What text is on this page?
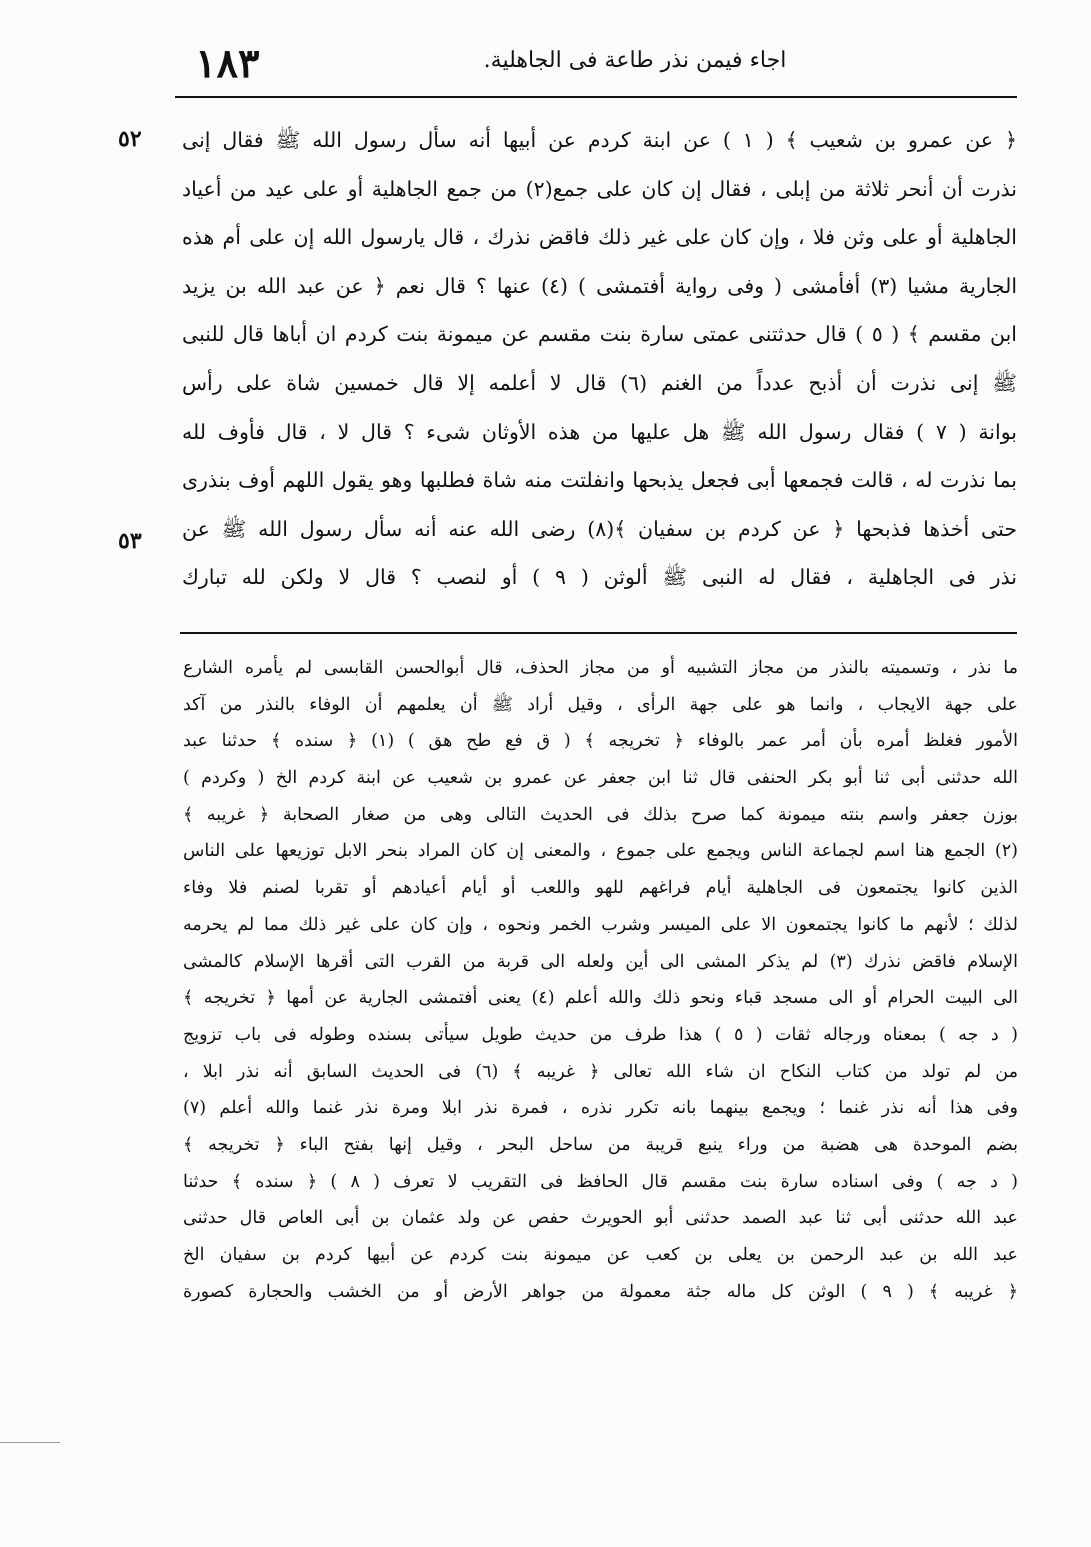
١٨٣	.اجاء فيمن نذر طاعة فى الجاهلية
٥٢
٥٣
﴿ عن عمرو بن شعيب ﴾ ( ١ ) عن ابنة كردم عن أبيها أنه سأل رسول الله ﷺ فقال إنى
نذرت أن أنحر ثلاثة من إبلى ، فقال إن كان على جمع(٢) من جمع الجاهلية أو على عيد من أعياد
الجاهلية أو على وثن فلا ، وإن كان على غير ذلك فاقض نذرك ، قال يارسول الله إن على أم هذه
الجارية مشيا (٣) أفأمشى ( وفى رواية أفتمشى ) (٤) عنها ؟ قال نعم ﴿ عن عبد الله بن يزيد
ابن مقسم ﴾ ( ٥ ) قال حدثتنى عمتى سارة بنت مقسم عن ميمونة بنت كردم ان أباها قال للنبى
ﷺ إنى نذرت أن أذبح عدداً من الغنم (٦) قال لا أعلمه إلا قال خمسين شاة على رأس
بوانة ( ٧ ) فقال رسول الله ﷺ هل عليها من هذه الأوثان شىء ؟ قال لا ، قال فأوف لله
بما نذرت له ، قالت فجمعها أبى فجعل يذبحها وانفلتت منه شاة فطلبها وهو يقول اللهم أوف بنذرى
حتى أخذها فذبحها ﴿ عن كردم بن سفيان ﴾(٨) رضى الله عنه أنه سأل رسول الله ﷺ عن
نذر فى الجاهلية ، فقال له النبى ﷺ ألوثن ( ٩ ) أو لنصب ؟ قال لا ولكن لله تبارك
ما نذر ، وتسميته بالنذر من مجاز التشبيه أو من مجاز الحذف، قال أبوالحسن القابسى لم يأمره الشارع
على جهة الايجاب ، وانما هو على جهة الرأى ، وقيل أراد ﷺ أن يعلمهم أن الوفاء بالنذر من آكد
الأمور فغلظ أمره بأن أمر عمر بالوفاء ﴿ تخريجه ﴾ ( ق فع طح هق ) (١) ﴿ سنده ﴾ حدثنا عبد
الله حدثنى أبى ثنا أبو بكر الحنفى قال ثنا ابن جعفر عن عمرو بن شعيب عن ابنة كردم الخ ( وكردم )
بوزن جعفر واسم بنته ميمونة كما صرح بذلك فى الحديث التالى وهى من صغار الصحابة ﴿ غريبه ﴾
(٢) الجمع هنا اسم لجماعة الناس ويجمع على جموع ، والمعنى إن كان المراد بنحر الابل توزيعها على الناس
الذين كانوا يجتمعون فى الجاهلية أيام فراغهم للهو واللعب أو أيام أعيادهم أو تقربا لصنم فلا وفاء
لذلك ؛ لأنهم ما كانوا يجتمعون الا على الميسر وشرب الخمر ونحوه ، وإن كان على غير ذلك مما لم يحرمه
الإسلام فاقض نذرك (٣) لم يذكر المشى الى أين ولعله الى قربة من القرب التى أقرها الإسلام كالمشى
الى البيت الحرام أو الى مسجد قباء ونحو ذلك والله أعلم (٤) يعنى أفتمشى الجارية عن أمها ﴿ تخريجه ﴾
( د جه ) بمعناه ورجاله ثقات ( ٥ ) هذا طرف من حديث طويل سيأتى بسنده وطوله فى باب تزويج
من لم تولد من كتاب النكاح ان شاء الله تعالى ﴿ غريبه ﴾ (٦) فى الحديث السابق أنه نذر ابلا ،
وفى هذا أنه نذر غنما ؛ ويجمع بينهما بانه تكرر نذره ، فمرة نذر ابلا ومرة نذر غنما والله أعلم (٧)
بضم الموحدة هى هضبة من وراء ينبع قريبة من ساحل البحر ، وقيل إنها بفتح الباء ﴿ تخريجه ﴾
( د جه ) وفى اسناده سارة بنت مقسم قال الحافظ فى التقريب لا تعرف ( ٨ ) ﴿ سنده ﴾ حدثنا
عبد الله حدثنى أبى ثنا عبد الصمد حدثنى أبو الحويرث حفص عن ولد عثمان بن أبى العاص قال حدثنى
عبد الله بن عبد الرحمن بن يعلى بن كعب عن ميمونة بنت كردم عن أبيها كردم بن سفيان الخ
﴿ غريبه ﴾ ( ٩ ) الوثن كل ماله جثة معمولة من جواهر الأرض أو من الخشب والحجارة كصورة
